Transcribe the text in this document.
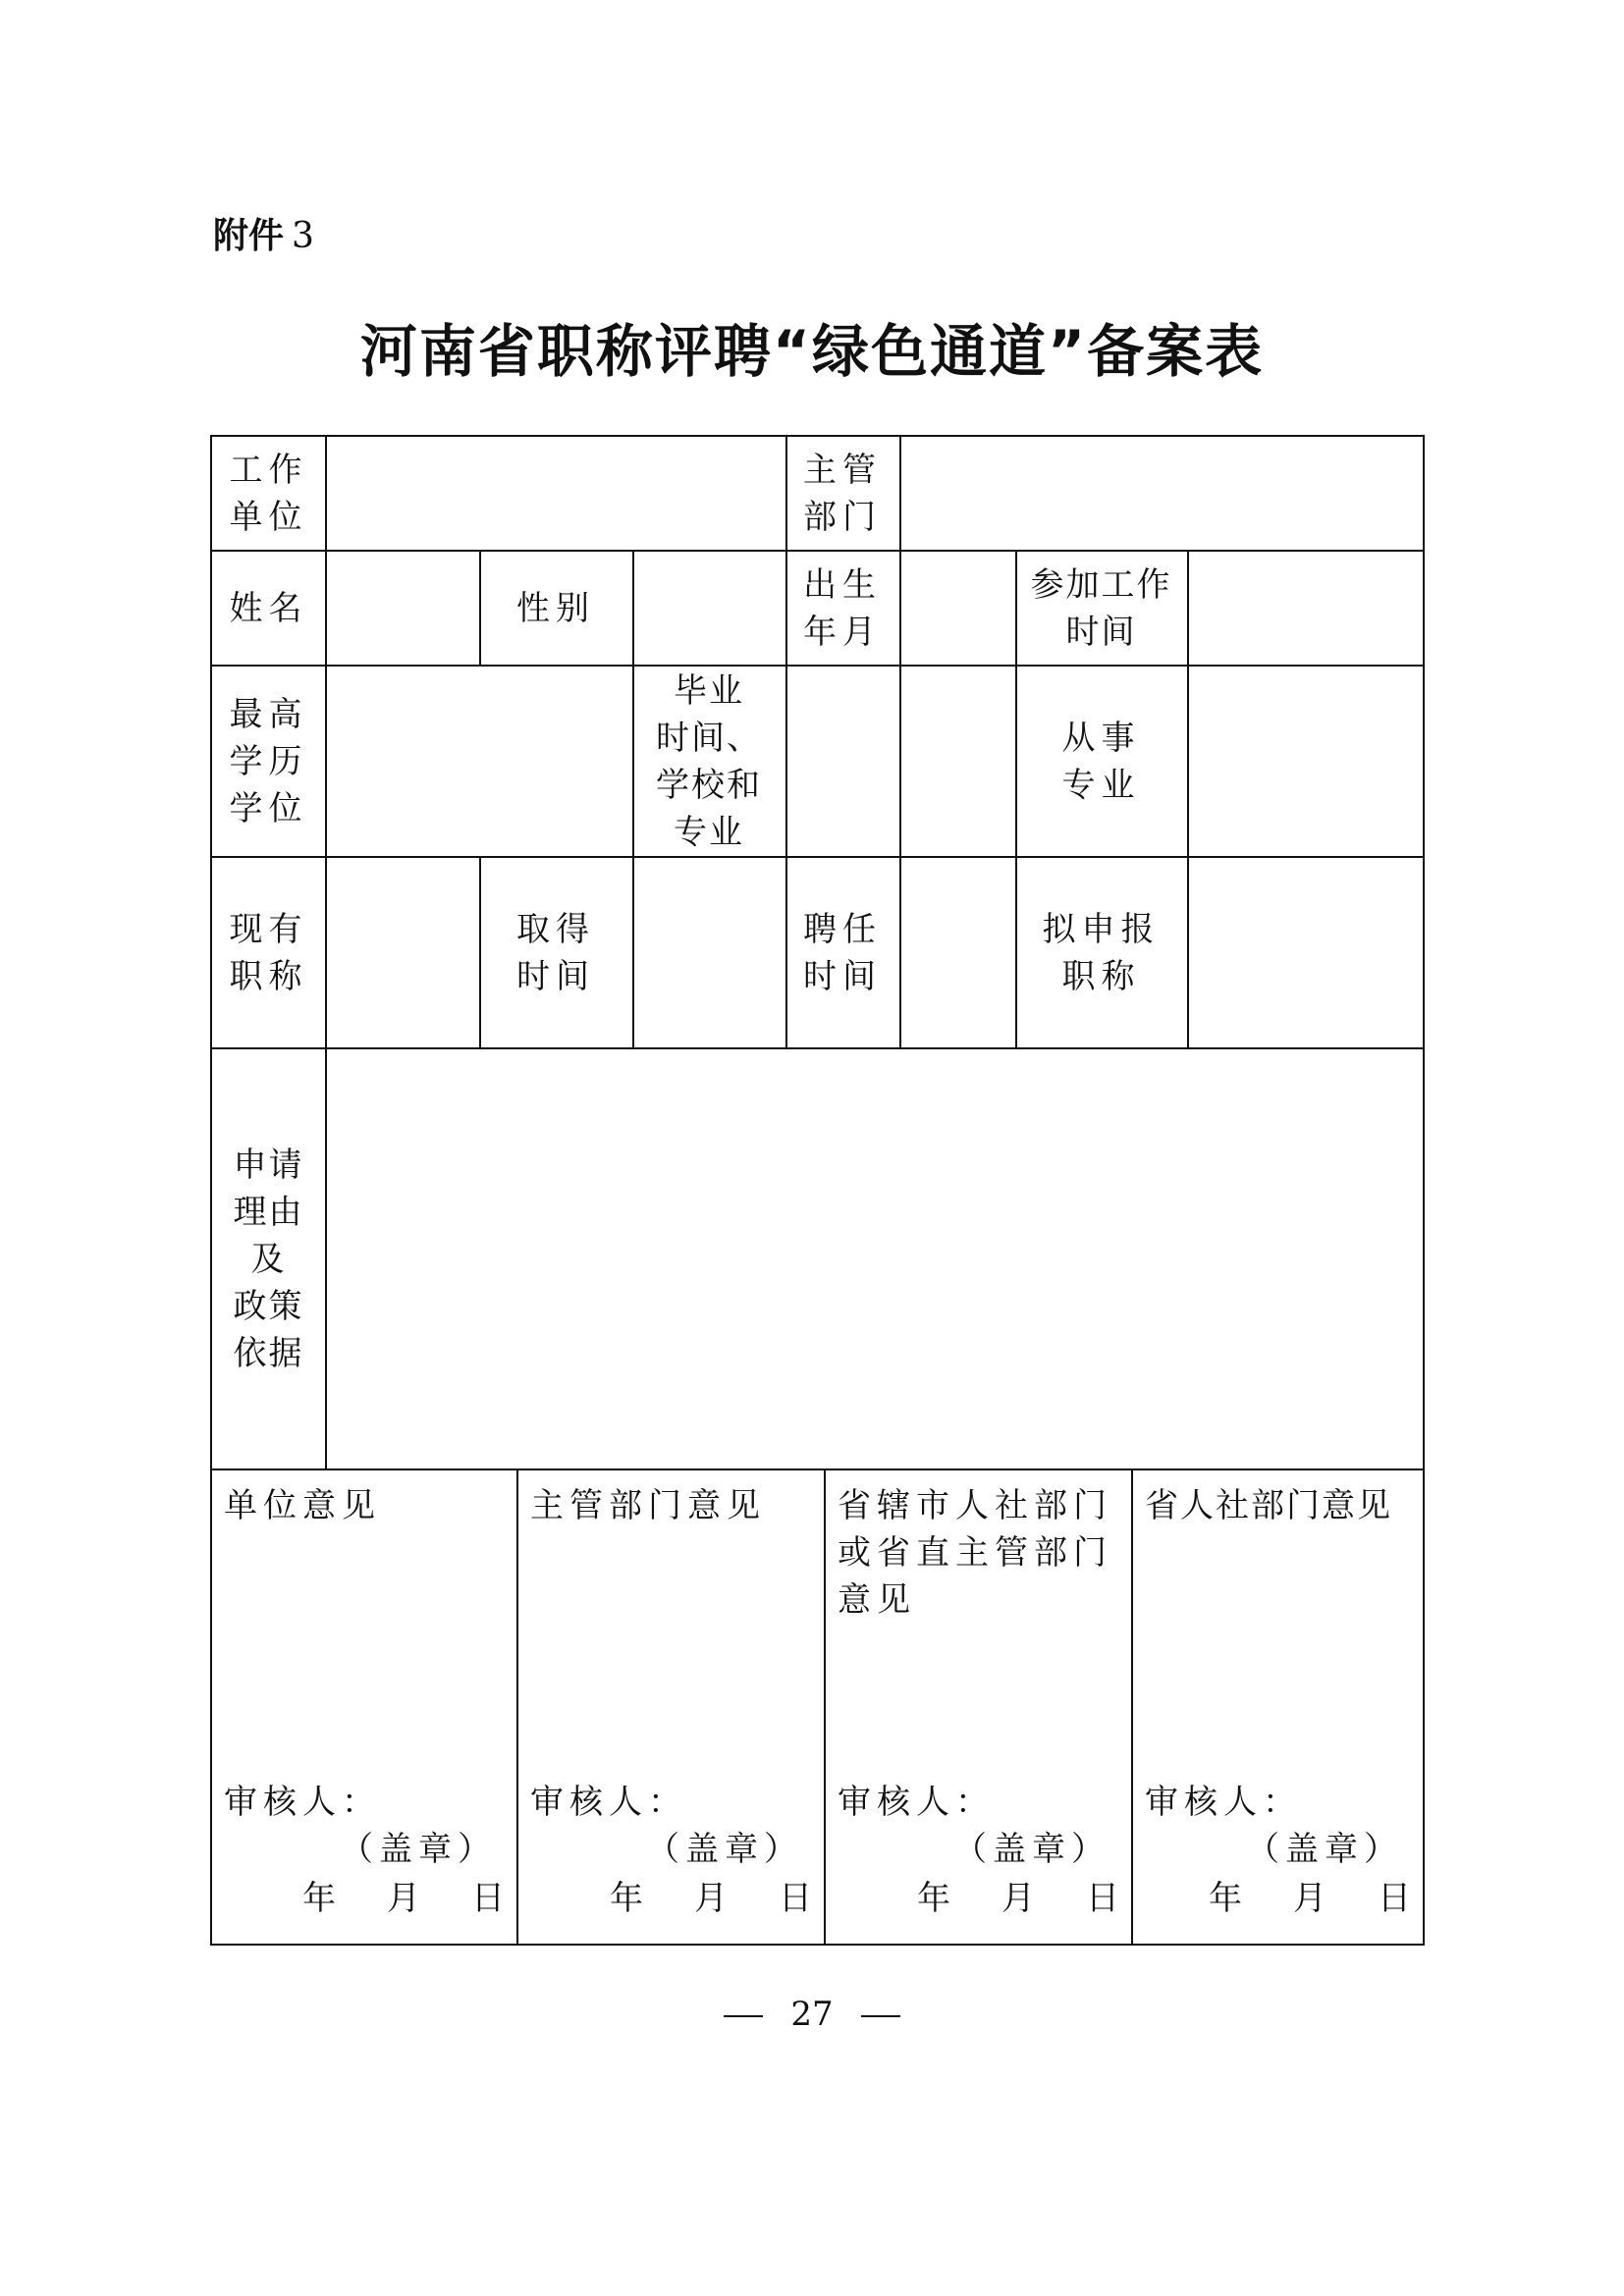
附件 3
河南省职称评聘“绿色通道”备案表
工作
单位
主管
部门
姓名	性别
出生
年月
参加工作
时间
最高
学历
学位
毕业
时间、
学校和
专业
从事
专业
现有
职称
取得
时间
聘任
时间
拟申报
职称
申请
理由及
政策
依据
单位意见
审核人：
（盖章）
年 月 日
主管部门意见
审核人：
（盖章）
年 月 日
省辖市人社部门
或省直主管部门
意见
审核人：
（盖章）
年 月 日
省人社部门意见
审核人：
（盖章）
年 月 日
27
